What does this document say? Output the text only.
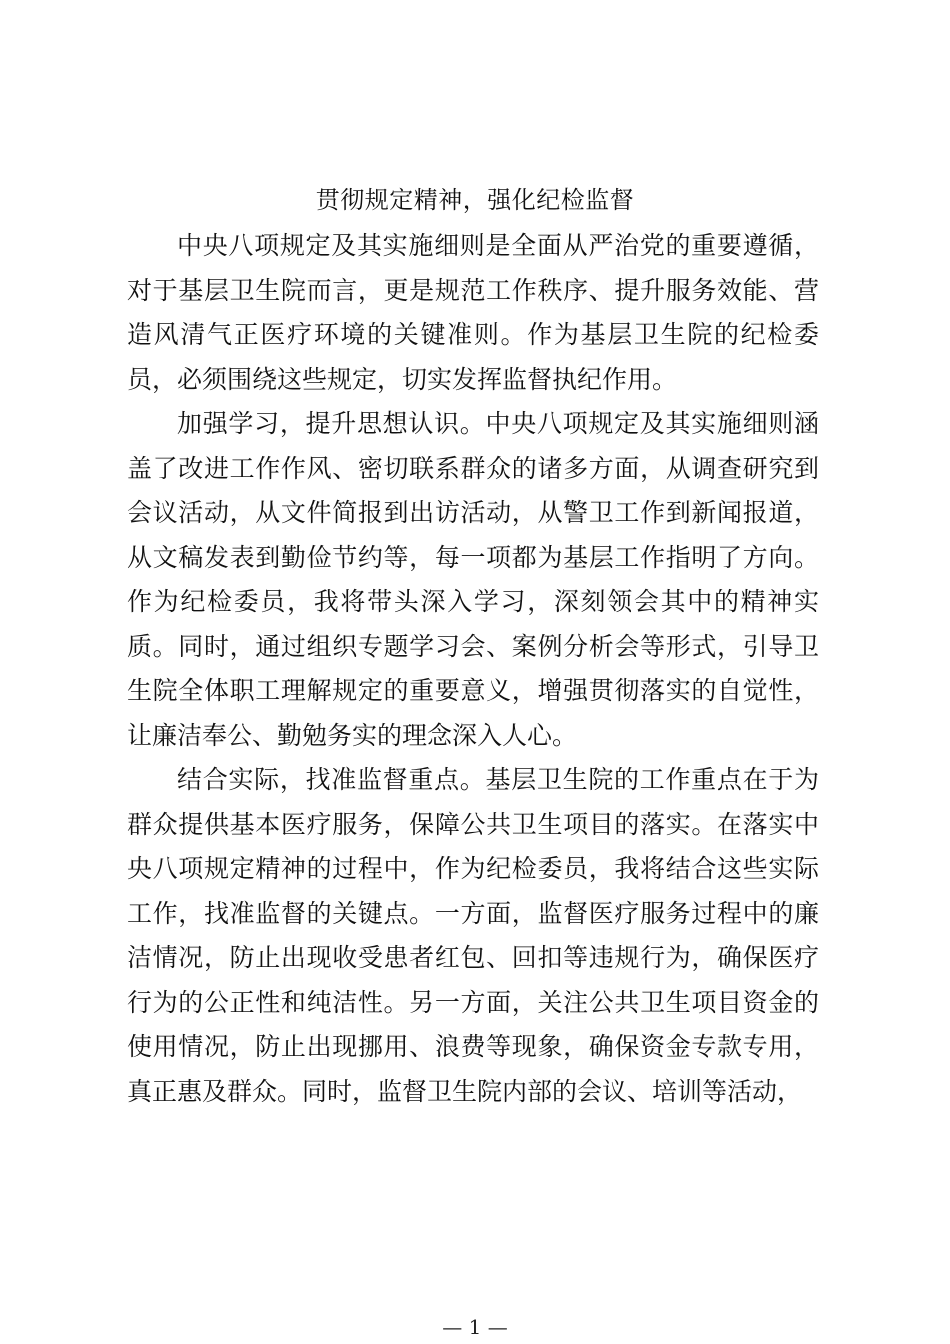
贯彻规定精神，强化纪检监督

中央八项规定及其实施细则是全面从严治党的重要遵循，对于基层卫生院而言，更是规范工作秩序、提升服务效能、营造风清气正医疗环境的关键准则。作为基层卫生院的纪检委员，必须围绕这些规定，切实发挥监督执纪作用。

加强学习，提升思想认识。中央八项规定及其实施细则涵盖了改进工作作风、密切联系群众的诸多方面，从调查研究到会议活动，从文件简报到出访活动，从警卫工作到新闻报道，从文稿发表到勤俭节约等，每一项都为基层工作指明了方向。作为纪检委员，我将带头深入学习，深刻领会其中的精神实质。同时，通过组织专题学习会、案例分析会等形式，引导卫生院全体职工理解规定的重要意义，增强贯彻落实的自觉性，让廉洁奉公、勤勉务实的理念深入人心。

结合实际，找准监督重点。基层卫生院的工作重点在于为群众提供基本医疗服务，保障公共卫生项目的落实。在落实中央八项规定精神的过程中，作为纪检委员，我将结合这些实际工作，找准监督的关键点。一方面，监督医疗服务过程中的廉洁情况，防止出现收受患者红包、回扣等违规行为，确保医疗行为的公正性和纯洁性。另一方面，关注公共卫生项目资金的使用情况，防止出现挪用、浪费等现象，确保资金专款专用，真正惠及群众。同时，监督卫生院内部的会议、培训等活动，

— 1 —
